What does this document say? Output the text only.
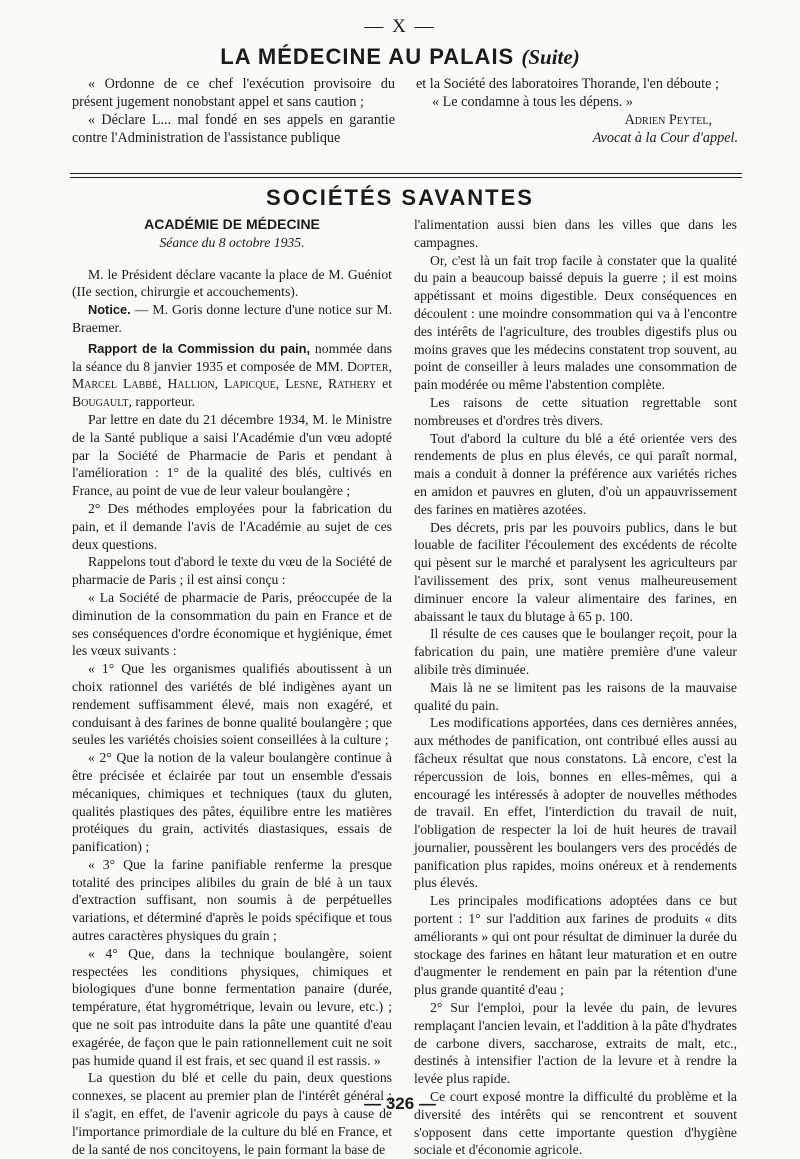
— X —
LA MÉDECINE AU PALAIS (Suite)

« Ordonne de ce chef l'exécution provisoire du présent jugement nonobstant appel et sans caution ;

« Déclare L... mal fondé en ses appels en garantie contre l'Administration de l'assistance publique

et la Société des laboratoires Thorande, l'en déboute ;

« Le condamne à tous les dépens. »

Adrien Peytel,

Avocat à la Cour d'appel.

SOCIÉTÉS SAVANTES

ACADÉMIE DE MÉDECINE

Séance du 8 octobre 1935.

M. le Président déclare vacante la place de M. Guéniot (IIe section, chirurgie et accouchements).

Notice. — M. Goris donne lecture d'une notice sur M. Braemer.

Rapport de la Commission du pain, nommée dans la séance du 8 janvier 1935 et composée de MM. Dopter, Marcel Labbé, Hallion, Lapicque, Lesne, Rathery et Bougault, rapporteur.

Par lettre en date du 21 décembre 1934, M. le Ministre de la Santé publique a saisi l'Académie d'un vœu adopté par la Société de Pharmacie de Paris et pendant à l'amélioration : 1° de la qualité des blés, cultivés en France, au point de vue de leur valeur boulangère ;

2° Des méthodes employées pour la fabrication du pain, et il demande l'avis de l'Académie au sujet de ces deux questions.

Rappelons tout d'abord le texte du vœu de la Société de pharmacie de Paris ; il est ainsi conçu :

« La Société de pharmacie de Paris, préoccupée de la diminution de la consommation du pain en France et de ses conséquences d'ordre économique et hygiénique, émet les vœux suivants :

« 1° Que les organismes qualifiés aboutissent à un choix rationnel des variétés de blé indigènes ayant un rendement suffisamment élevé, mais non exagéré, et conduisant à des farines de bonne qualité boulangère ; que seules les variétés choisies soient conseillées à la culture ;

« 2° Que la notion de la valeur boulangère continue à être précisée et éclairée par tout un ensemble d'essais mécaniques, chimiques et techniques (taux du gluten, qualités plastiques des pâtes, équilibre entre les matières protéiques du grain, activités diastasiques, essais de panification) ;

« 3° Que la farine panifiable renferme la presque totalité des principes alibiles du grain de blé à un taux d'extraction suffisant, non soumis à de perpétuelles variations, et déterminé d'après le poids spécifique et tous autres caractères physiques du grain ;

« 4° Que, dans la technique boulangère, soient respectées les conditions physiques, chimiques et biologiques d'une bonne fermentation panaire (durée, température, état hygrométrique, levain ou levure, etc.) ; que ne soit pas introduite dans la pâte une quantité d'eau exagérée, de façon que le pain rationnellement cuit ne soit pas humide quand il est frais, et sec quand il est rassis. »

La question du blé et celle du pain, deux questions connexes, se placent au premier plan de l'intérêt général ; il s'agit, en effet, de l'avenir agricole du pays à cause de l'importance primordiale de la culture du blé en France, et de la santé de nos concitoyens, le pain formant la base de

l'alimentation aussi bien dans les villes que dans les campagnes.

Or, c'est là un fait trop facile à constater que la qualité du pain a beaucoup baissé depuis la guerre ; il est moins appétissant et moins digestible. Deux conséquences en découlent : une moindre consommation qui va à l'encontre des intérêts de l'agriculture, des troubles digestifs plus ou moins graves que les médecins constatent trop souvent, au point de conseiller à leurs malades une consommation de pain modérée ou même l'abstention complète.

Les raisons de cette situation regrettable sont nombreuses et d'ordres très divers.

Tout d'abord la culture du blé a été orientée vers des rendements de plus en plus élevés, ce qui paraît normal, mais a conduit à donner la préférence aux variétés riches en amidon et pauvres en gluten, d'où un appauvrissement des farines en matières azotées.

Des décrets, pris par les pouvoirs publics, dans le but louable de faciliter l'écoulement des excédents de récolte qui pèsent sur le marché et paralysent les agriculteurs par l'avilissement des prix, sont venus malheureusement diminuer encore la valeur alimentaire des farines, en abaissant le taux du blutage à 65 p. 100.

Il résulte de ces causes que le boulanger reçoit, pour la fabrication du pain, une matière première d'une valeur alibile très diminuée.

Mais là ne se limitent pas les raisons de la mauvaise qualité du pain.

Les modifications apportées, dans ces dernières années, aux méthodes de panification, ont contribué elles aussi au fâcheux résultat que nous constatons. Là encore, c'est la répercussion de lois, bonnes en elles-mêmes, qui a encouragé les intéressés à adopter de nouvelles méthodes de travail. En effet, l'interdiction du travail de nuit, l'obligation de respecter la loi de huit heures de travail journalier, poussèrent les boulangers vers des procédés de panification plus rapides, moins onéreux et à rendements plus élevés.

Les principales modifications adoptées dans ce but portent : 1° sur l'addition aux farines de produits « dits améliorants » qui ont pour résultat de diminuer la durée du stockage des farines en hâtant leur maturation et en outre d'augmenter le rendement en pain par la rétention d'une plus grande quantité d'eau ;

2° Sur l'emploi, pour la levée du pain, de levures remplaçant l'ancien levain, et l'addition à la pâte d'hydrates de carbone divers, saccharose, extraits de malt, etc., destinés à intensifier l'action de la levure et à rendre la levée plus rapide.

Ce court exposé montre la difficulté du problème et la diversité des intérêts qui se rencontrent et souvent s'opposent dans cette importante question d'hygiène sociale et d'économie agricole.

— 326 —
